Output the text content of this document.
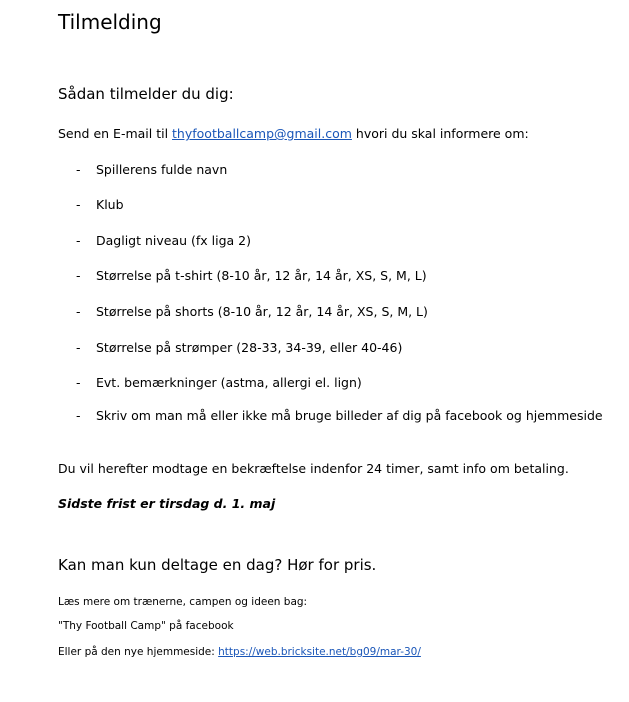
Tilmelding
Sådan tilmelder du dig:
Send en E-mail til thyfootballcamp@gmail.com hvori du skal informere om:
- Spillerens fulde navn
- Klub
- Dagligt niveau (fx liga 2)
- Størrelse på t-shirt (8-10 år, 12 år, 14 år, XS, S, M, L)
- Størrelse på shorts (8-10 år, 12 år, 14 år, XS, S, M, L)
- Størrelse på strømper (28-33, 34-39, eller 40-46)
- Evt. bemærkninger (astma, allergi el. lign)
- Skriv om man må eller ikke må bruge billeder af dig på facebook og hjemmeside
Du vil herefter modtage en bekræftelse indenfor 24 timer, samt info om betaling.
Sidste frist er tirsdag d. 1. maj
Kan man kun deltage en dag? Hør for pris.
Læs mere om trænerne, campen og ideen bag:
"Thy Football Camp" på facebook
Eller på den nye hjemmeside: https://web.bricksite.net/bg09/mar-30/
